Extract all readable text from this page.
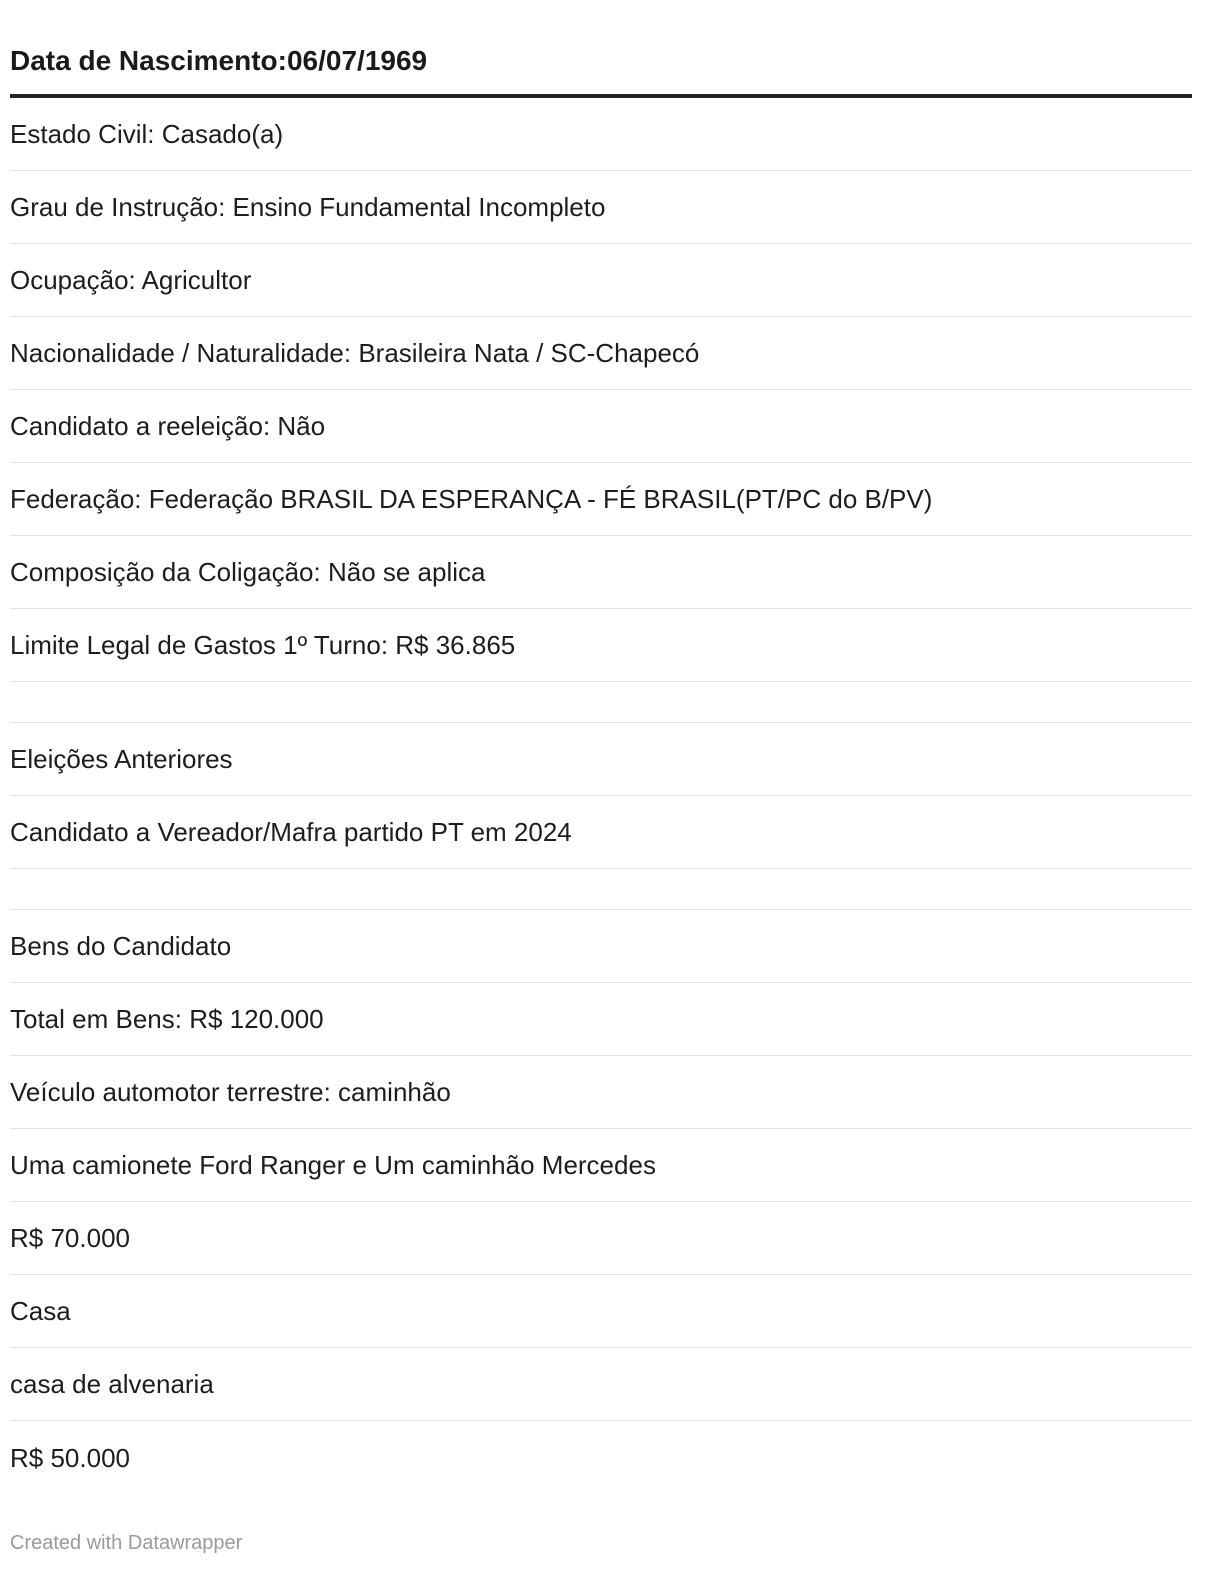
Data de Nascimento:06/07/1969
Estado Civil: Casado(a)
Grau de Instrução: Ensino Fundamental Incompleto
Ocupação: Agricultor
Nacionalidade / Naturalidade: Brasileira Nata / SC-Chapecó
Candidato a reeleição: Não
Federação: Federação BRASIL DA ESPERANÇA - FÉ BRASIL(PT/PC do B/PV)
Composição da Coligação: Não se aplica
Limite Legal de Gastos 1º Turno: R$ 36.865
Eleições Anteriores
Candidato a Vereador/Mafra partido PT em 2024
Bens do Candidato
Total em Bens: R$ 120.000
Veículo automotor terrestre: caminhão
Uma camionete Ford Ranger e Um caminhão Mercedes
R$ 70.000
Casa
casa de alvenaria
R$ 50.000
Created with Datawrapper
